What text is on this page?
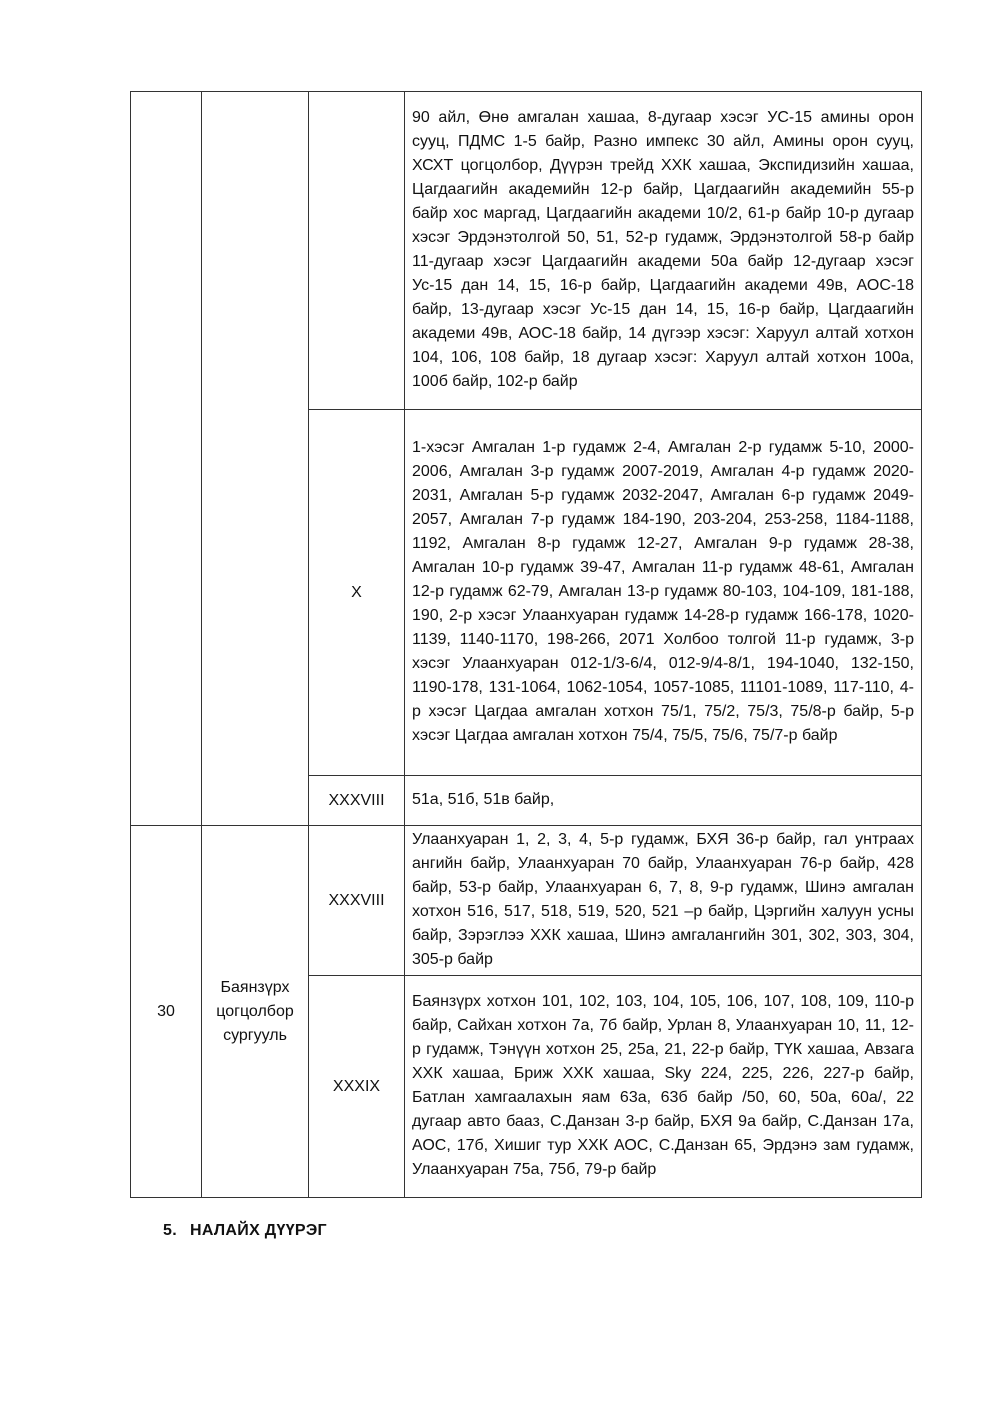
			90 айл, Өнө амгалан хашаа, 8-дугаар хэсэг УС-15 амины орон сууц, ПДМС 1-5 байр, Разно импекс 30 айл, Амины орон сууц, ХСХТ цогцолбор, Дүүрэн трейд ХХК хашаа, Экспидизийн хашаа, Цагдаагийн академийн 12-р байр, Цагдаагийн академийн 55-р байр хос маргад, Цагдаагийн академи 10/2, 61-р байр 10-р дугаар хэсэг Эрдэнэтолгой 50, 51, 52-р гудамж, Эрдэнэтолгой 58-р байр 11-дугаар хэсэг Цагдаагийн академи 50а байр 12-дугаар хэсэг Ус-15 дан 14, 15, 16-р байр, Цагдаагийн академи 49в, АОС-18 байр, 13-дугаар хэсэг Ус-15 дан 14, 15, 16-р байр, Цагдаагийн академи 49в, АОС-18 байр, 14 дүгээр хэсэг: Харуул алтай хотхон 104, 106, 108 байр, 18 дугаар хэсэг: Харуул алтай хотхон 100а, 100б байр, 102-р байр
		X	1-хэсэг Амгалан 1-р гудамж 2-4, Амгалан 2-р гудамж 5-10, 2000-2006, Амгалан 3-р гудамж 2007-2019, Амгалан 4-р гудамж 2020-2031, Амгалан 5-р гудамж 2032-2047, Амгалан 6-р гудамж 2049-2057, Амгалан 7-р гудамж 184-190, 203-204, 253-258, 1184-1188, 1192, Амгалан 8-р гудамж 12-27, Амгалан 9-р гудамж 28-38, Амгалан 10-р гудамж 39-47, Амгалан 11-р гудамж 48-61, Амгалан 12-р гудамж 62-79, Амгалан 13-р гудамж 80-103, 104-109, 181-188, 190, 2-р хэсэг Улаанхуаран гудамж 14-28-р гудамж 166-178, 1020-1139, 1140-1170, 198-266, 2071 Холбоо толгой 11-р гудамж, 3-р хэсэг Улаанхуаран 012-1/3-6/4, 012-9/4-8/1, 194-1040, 132-150, 1190-178, 131-1064, 1062-1054, 1057-1085, 11101-1089, 117-110, 4-р хэсэг Цагдаа амгалан хотхон 75/1, 75/2, 75/3, 75/8-р байр, 5-р хэсэг Цагдаа амгалан хотхон 75/4, 75/5, 75/6, 75/7-р байр
		XXXVIII	51а, 51б, 51в байр,
30	Баянзүрх цогцолбор сургууль	XXXVIII	Улаанхуаран 1, 2, 3, 4, 5-р гудамж, БХЯ 36-р байр, гал унтраах ангийн байр, Улаанхуаран 70 байр, Улаанхуаран 76-р байр, 428 байр, 53-р байр, Улаанхуаран 6, 7, 8, 9-р гудамж, Шинэ амгалан хотхон 516, 517, 518, 519, 520, 521 –р байр, Цэргийн халуун усны байр, Зэрэглээ ХХК хашаа, Шинэ амгалангийн 301, 302, 303, 304, 305-р байр
		XXXIX	Баянзүрх хотхон 101, 102, 103, 104, 105, 106, 107, 108, 109, 110-р байр, Сайхан хотхон 7а, 7б байр, Урлан 8, Улаанхуаран 10, 11, 12-р гудамж, Тэнүүн хотхон 25, 25а, 21, 22-р байр, ТҮК хашаа, Авзага ХХК хашаа, Бриж ХХК хашаа, Sky 224, 225, 226, 227-р байр, Батлан хамгаалахын яам 63а, 63б байр /50, 60, 50а, 60а/, 22 дугаар авто бааз, С.Данзан 3-р байр, БХЯ 9а байр, С.Данзан 17а, АОС, 17б, Хишиг тур ХХК АОС, С.Данзан 65, Эрдэнэ зам гудамж, Улаанхуаран 75а, 75б, 79-р байр
5. НАЛАЙХ ДҮҮРЭГ
